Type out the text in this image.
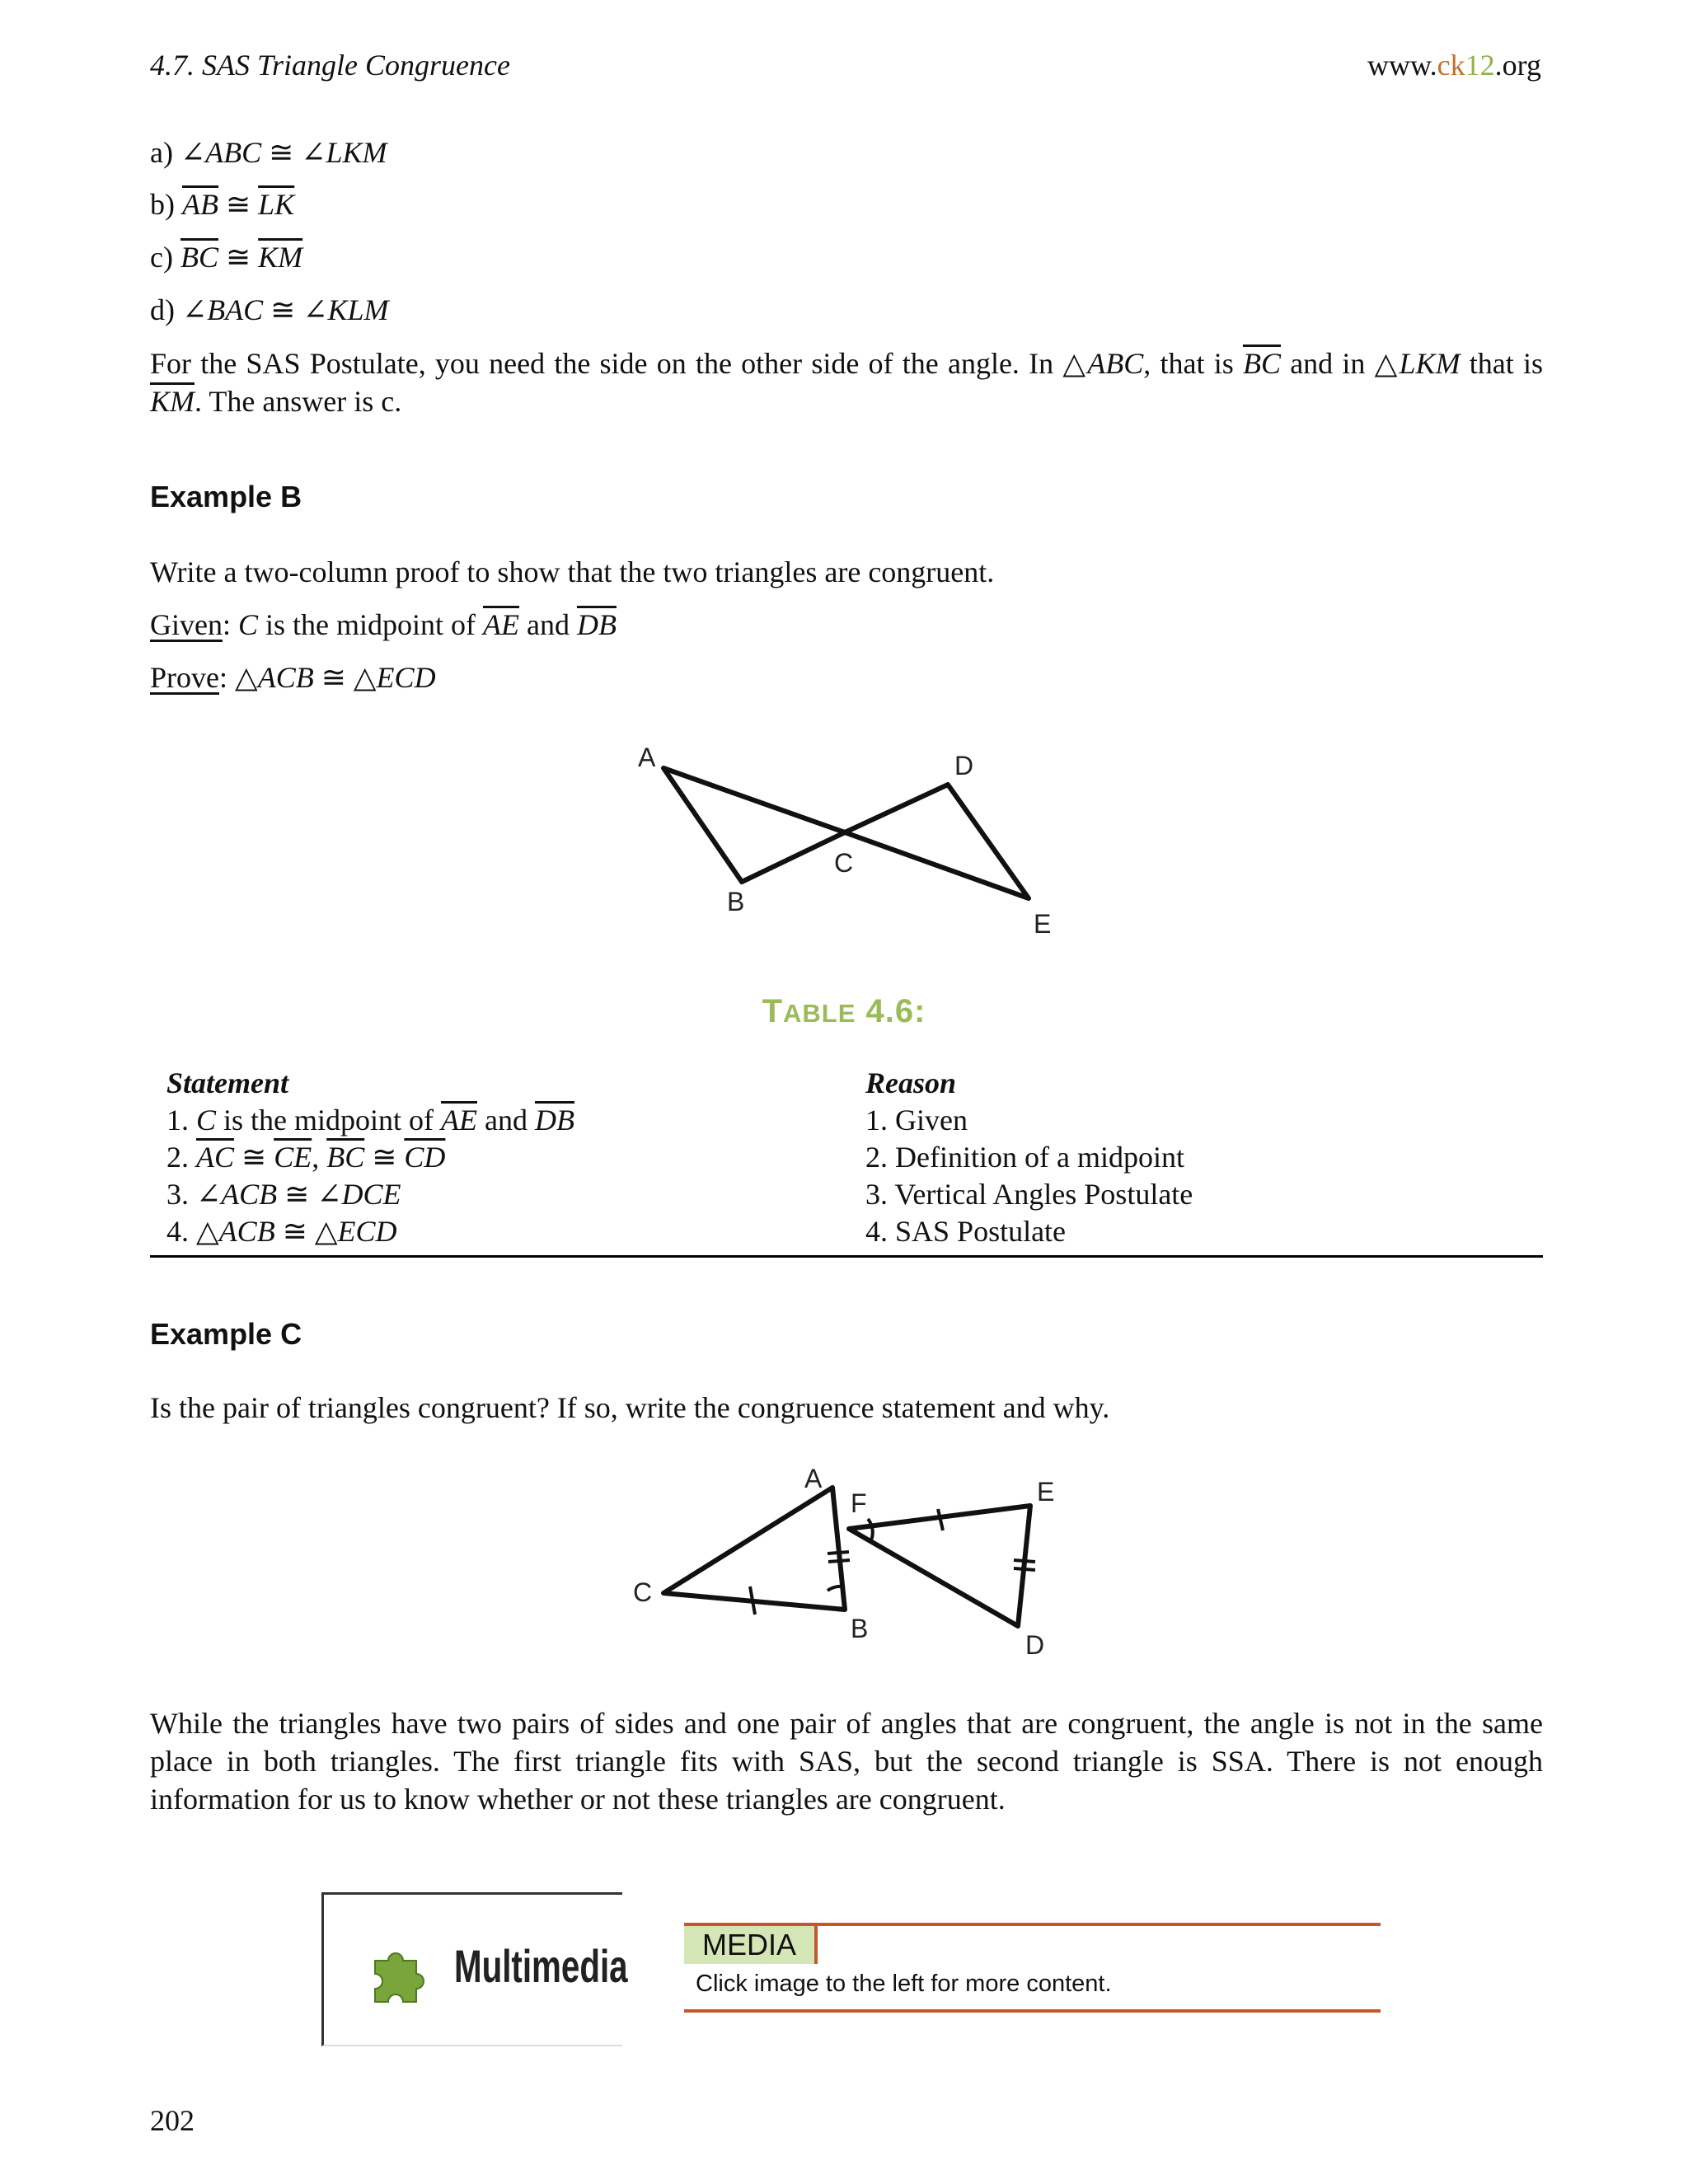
4.7. SAS Triangle Congruence	www.ck12.org
a) ∠ABC ≅ ∠LKM
b) $\overline{AB}$ ≅ $\overline{LK}$
c) $\overline{BC}$ ≅ $\overline{KM}$
d) ∠BAC ≅ ∠KLM
For the SAS Postulate, you need the side on the other side of the angle. In △ABC, that is $\overline{BC}$ and in △LKM that is $\overline{KM}$. The answer is c.
Example B
Write a two-column proof to show that the two triangles are congruent.
Given: C is the midpoint of $\overline{AE}$ and $\overline{DB}$
Prove: △ACB ≅ △ECD
A
B
C
D
E
TABLE 4.6:
Statement	Reason
1. C is the midpoint of $\overline{AE}$ and $\overline{DB}$	1. Given
2. $\overline{AC}$ ≅ $\overline{CE}$, $\overline{BC}$ ≅ $\overline{CD}$	2. Definition of a midpoint
3. ∠ACB ≅ ∠DCE	3. Vertical Angles Postulate
4. △ACB ≅ △ECD	4. SAS Postulate
Example C
Is the pair of triangles congruent? If so, write the congruence statement and why.
A
B
C
D
E
F
While the triangles have two pairs of sides and one pair of angles that are congruent, the angle is not in the same place in both triangles. The first triangle fits with SAS, but the second triangle is SSA. There is not enough information for us to know whether or not these triangles are congruent.
Multimedia	MEDIA
Click image to the left for more content.
202
